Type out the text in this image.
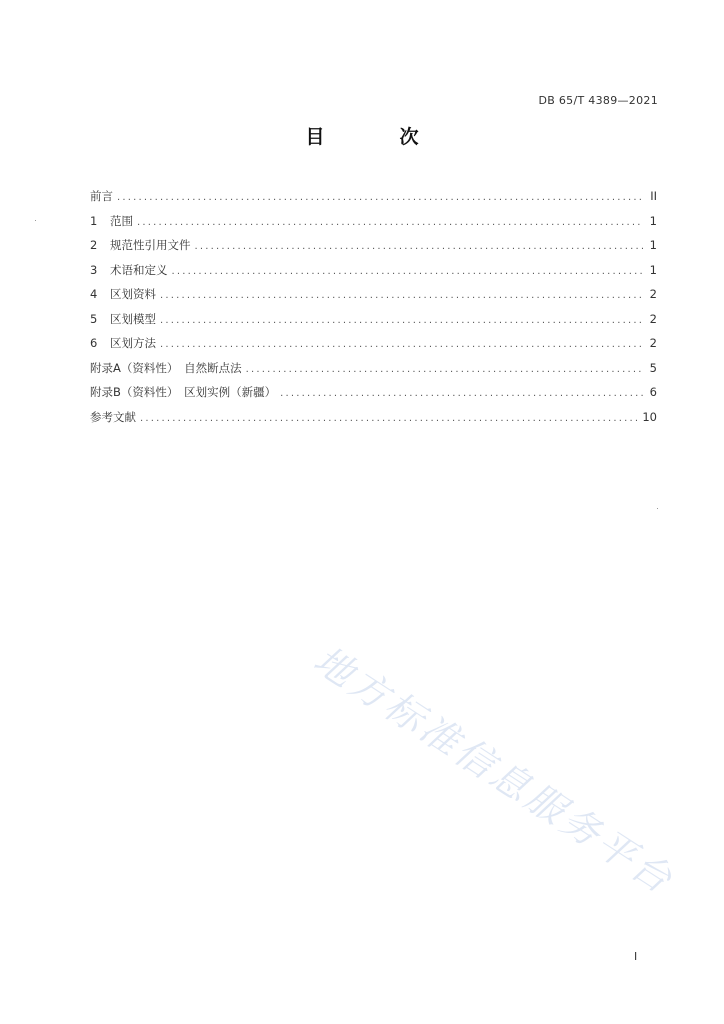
DB 65/T 4389—2021
目　次
前言 .....	II
1	范围 .....	1
2	规范性引用文件 .....	1
3	术语和定义 .....	1
4	区划资料 .....	2
5	区划模型 .....	2
6	区划方法 .....	2
附录A（资料性）　自然断点法 .....	5
附录B（资料性）　区划实例（新疆） .....	6
参考文献 .....	10
地方标准信息服务平台
I
